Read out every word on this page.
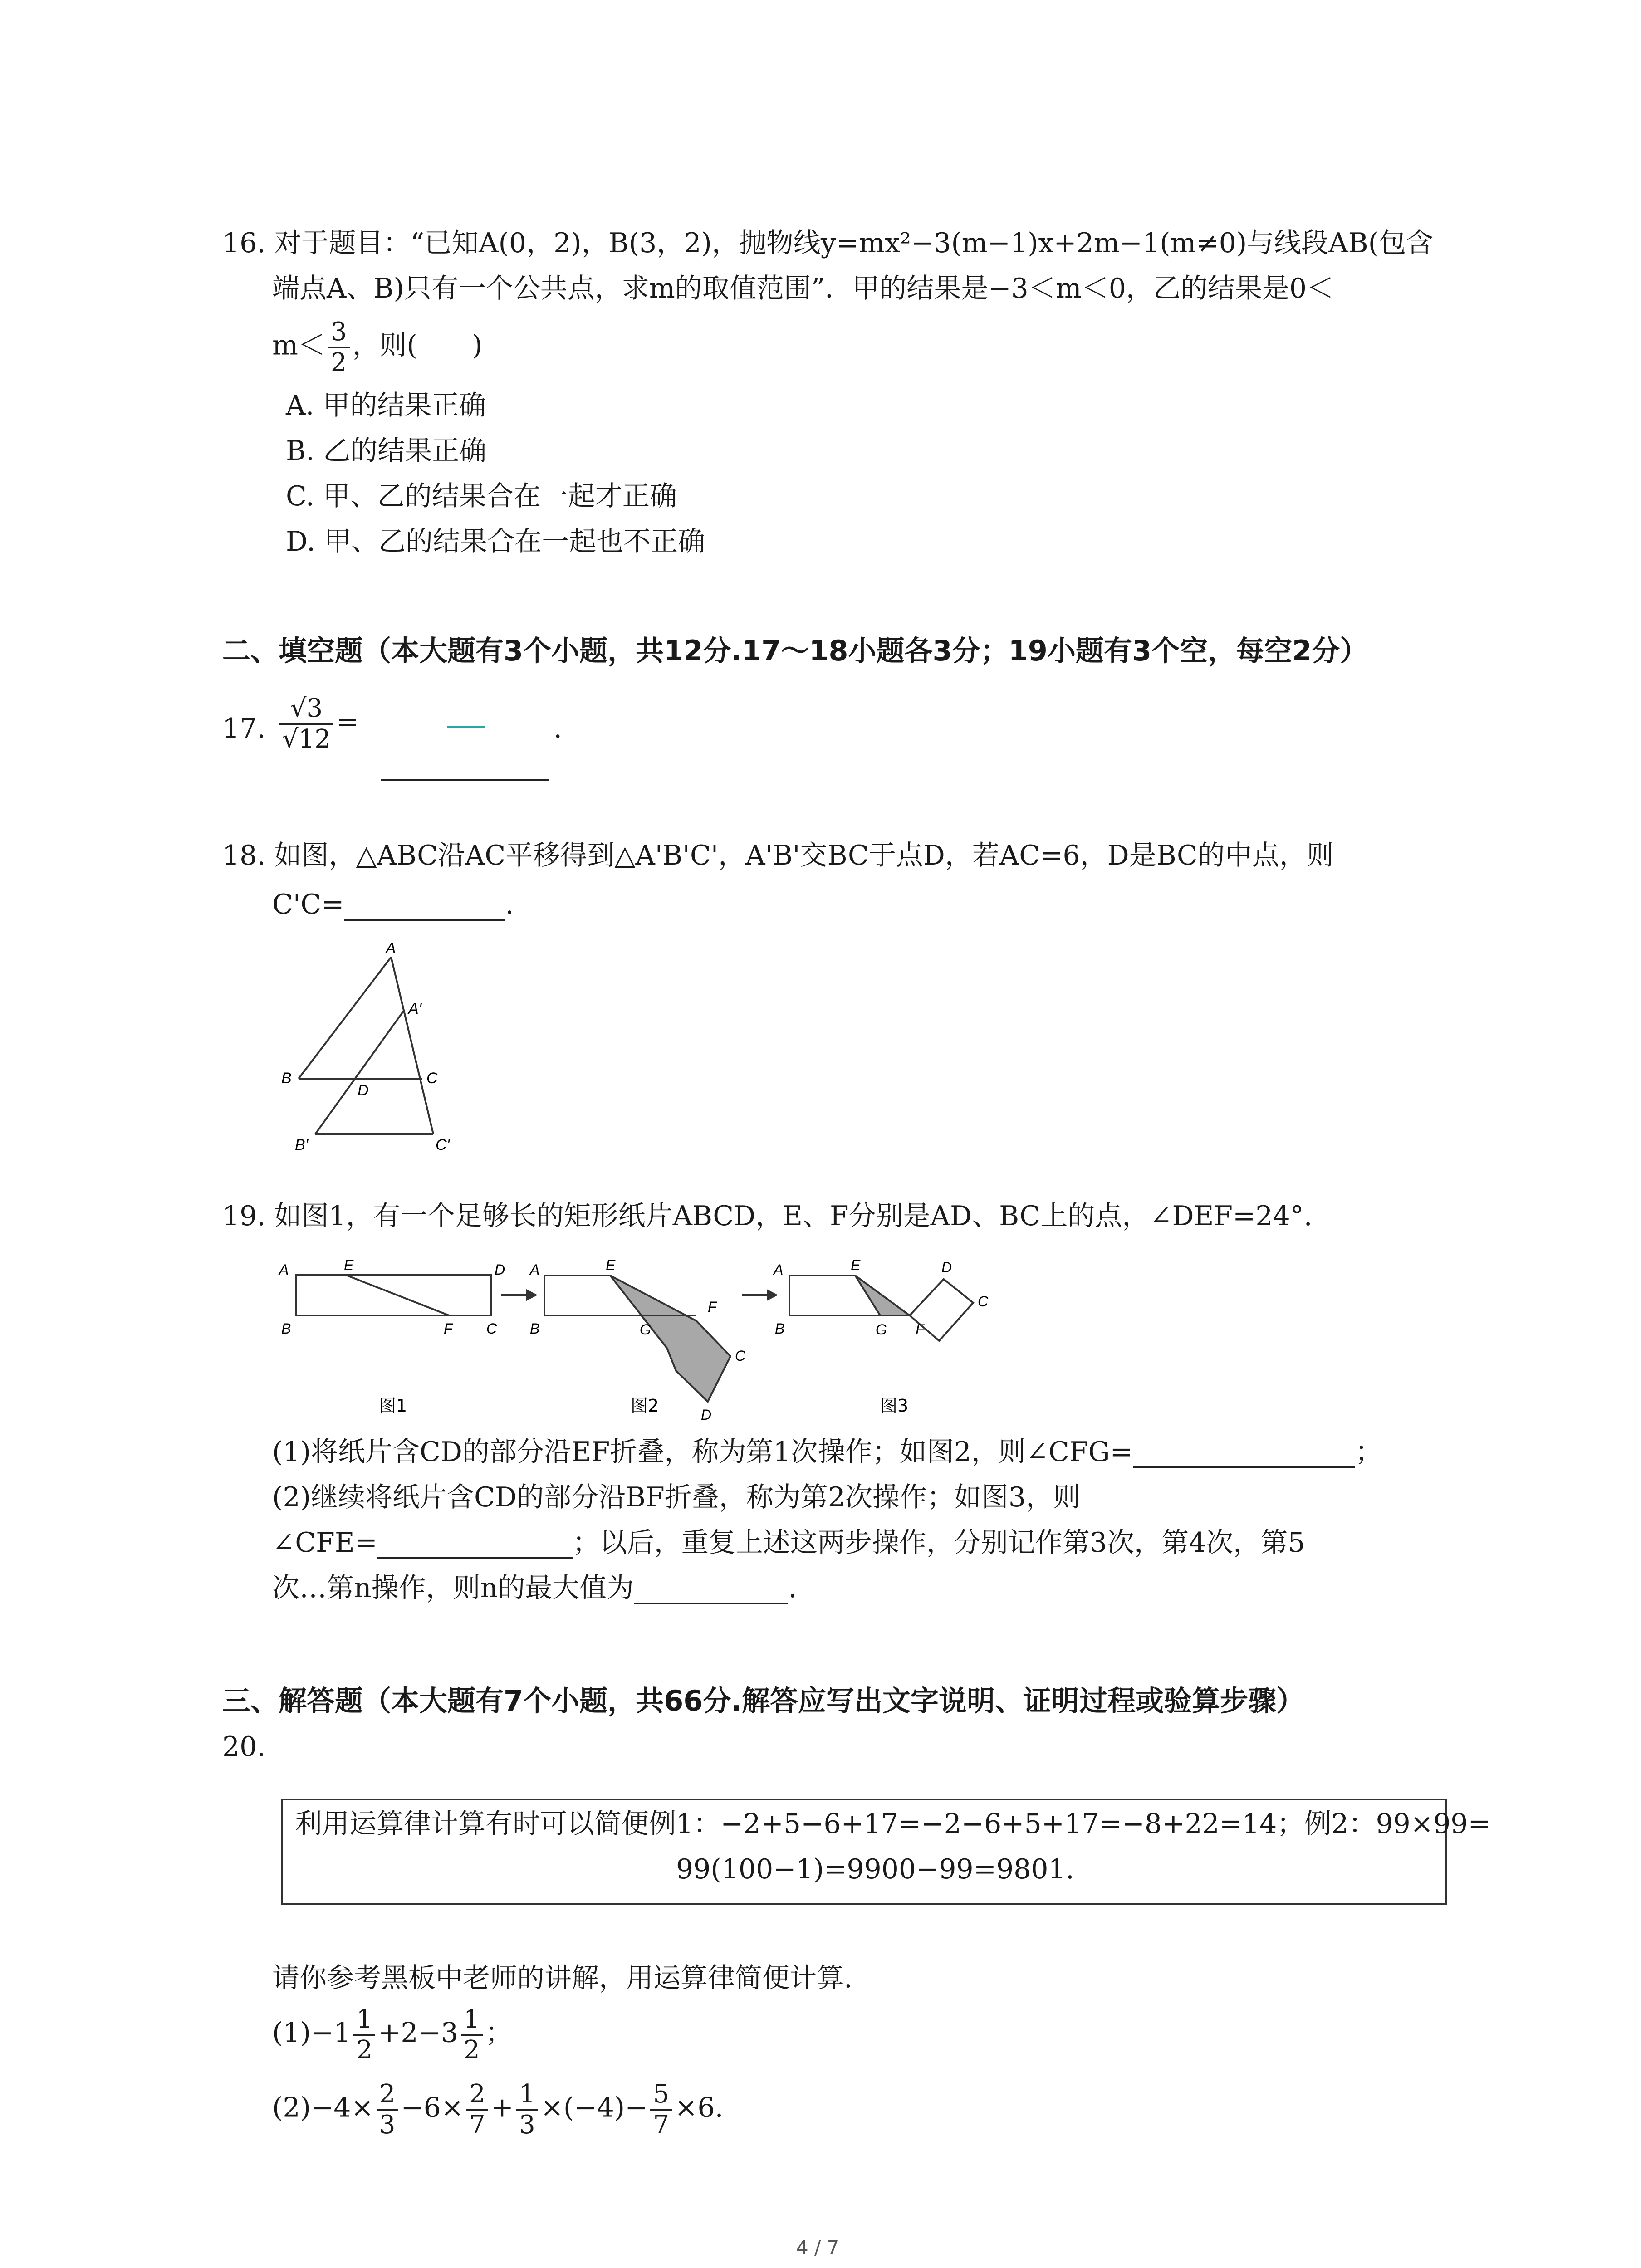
16. 对于题目：“已知A(0，2)，B(3，2)，抛物线y=mx²−3(m−1)x+2m−1(m≠0)与线段AB(包含
端点A、B)只有一个公共点，求m的取值范围”．甲的结果是−3＜m＜0，乙的结果是0＜
$m< \frac{3}{2}$ ，则(　　)
A. 甲的结果正确
B. 乙的结果正确
C. 甲、乙的结果合在一起才正确
D. 甲、乙的结果合在一起也不正确
二、填空题（本大题有3个小题，共12分.17～18小题各3分；19小题有3个空，每空2分）
17. $\frac{√3}{√12}$ =	.
18. 如图，△ABC沿AC平移得到△A'B'C'，A'B'交BC于点D，若AC=6，D是BC的中点，则
C'C=	.
A
A'
B	C
D
B'	C'
19. 如图1，有一个足够长的矩形纸片ABCD，E、F分别是AD、BC上的点，∠DEF=24°.
A	E	D
B	F C
A	E
F
B	G
C
D
A	E	D
C
B	G F
图1	图2	图3
(1)将纸片含CD的部分沿EF折叠，称为第1次操作；如图2，则∠CFG=	；
(2)继续将纸片含CD的部分沿BF折叠，称为第2次操作；如图3，则
∠CFE=	；以后，重复上述这两步操作，分别记作第3次，第4次，第5
次…第n操作，则n的最大值为	.
三、解答题（本大题有7个小题，共66分.解答应写出文字说明、证明过程或验算步骤）
20.
利用运算律计算有时可以简便例1：−2+5−6+17=−2−6+5+17=−8+22=14；例2：99×99=
99(100−1)=9900−99=9801.
请你参考黑板中老师的讲解，用运算律简便计算.
$(1)-1 \frac{1}{2} +2-3 \frac{1}{2}$ ；
$(2)-4\times \frac{2}{3} -6\times \frac{2}{7} + \frac{1}{3} \times(-4)- \frac{5}{7} \times 6$.
4 / 7
